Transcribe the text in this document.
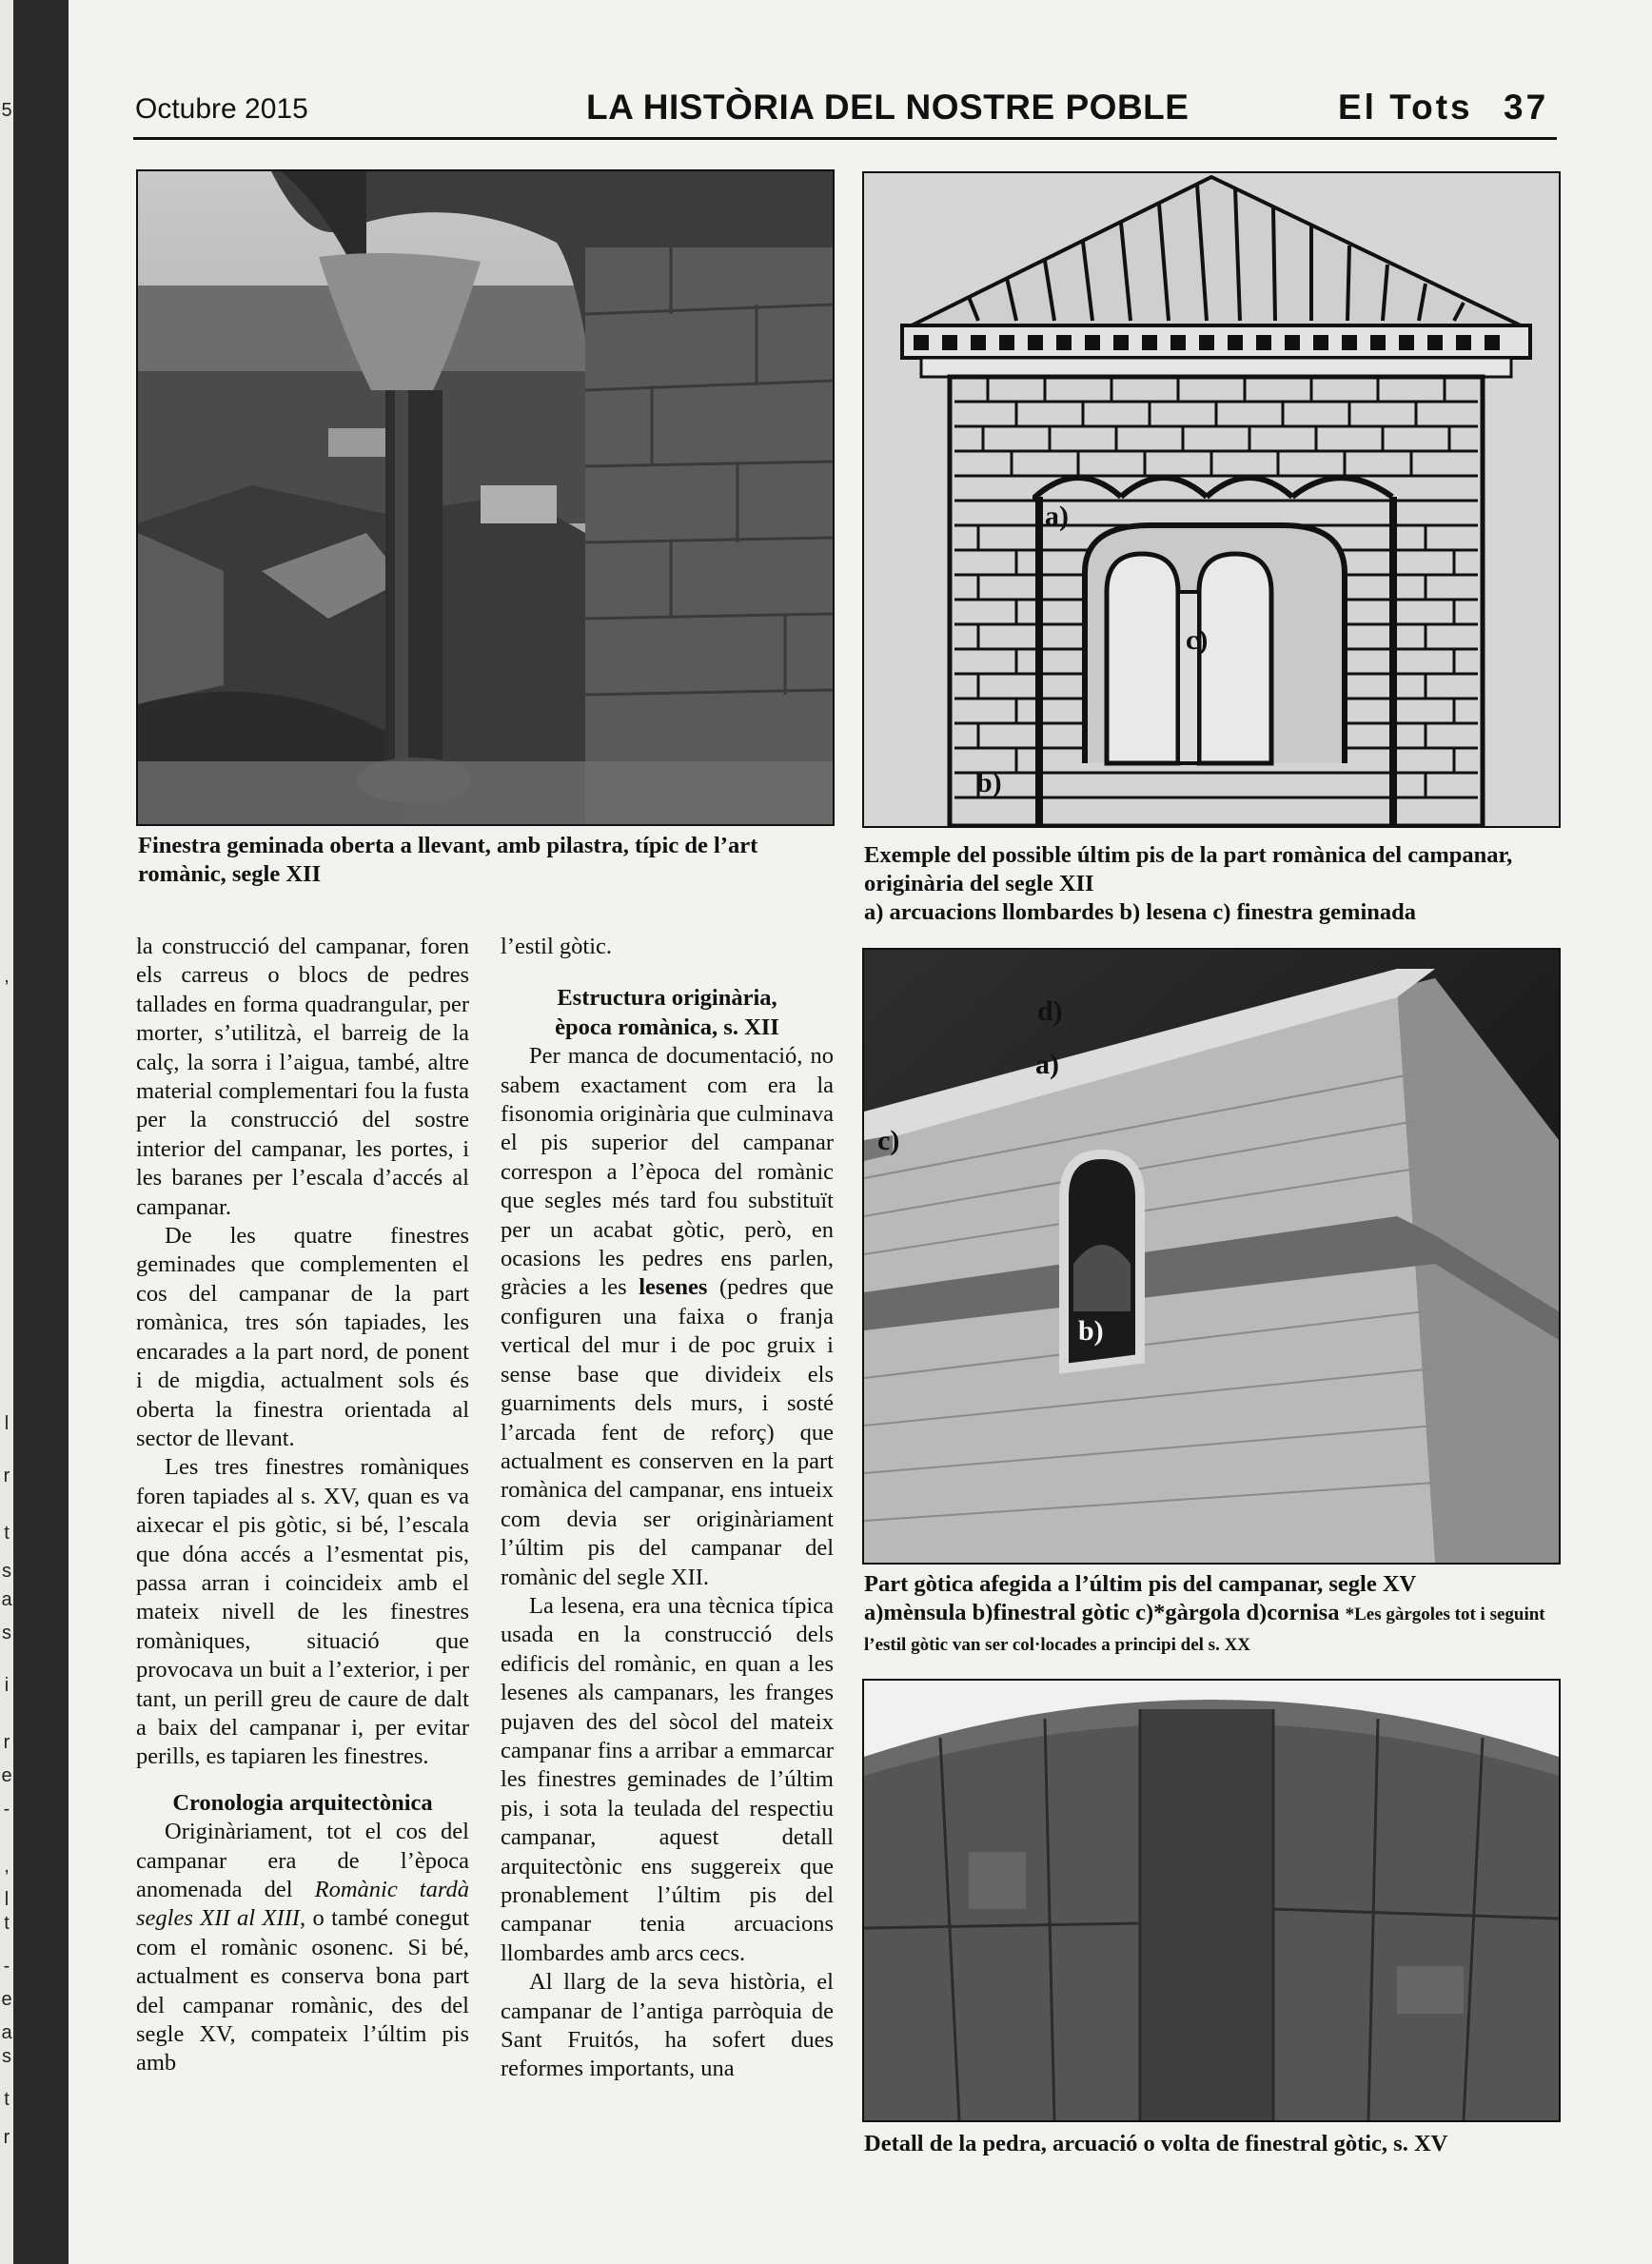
Octubre 2015	LA HISTÒRIA DEL NOSTRE POBLE	El Tots 37
Finestra geminada oberta a llevant, amb pilastra, típic de l’art romànic, segle XII
a)
b)
c)
Exemple del possible últim pis de la part romànica del campanar, originària del segle XII
a) arcuacions llombardes b) lesena c) finestra geminada
a)
b)
c)
d)
Part gòtica afegida a l’últim pis del campanar, segle XV
a)mènsula b)finestral gòtic c)*gàrgola d)cornisa *Les gàrgoles tot i seguint l’estil gòtic van ser col·locades a principi del s. XX
Detall de la pedra, arcuació o volta de finestral gòtic, s. XV

la construcció del campanar, foren els carreus o blocs de pedres tallades en forma quadrangular, per morter, s’utilitzà, el barreig de la calç, la sorra i l’aigua, també, altre material complementari fou la fusta per la construcció del sostre interior del campanar, les portes, i les baranes per l’escala d’accés al campanar.

De les quatre finestres geminades que complementen el cos del campanar de la part romànica, tres són tapiades, les encarades a la part nord, de ponent i de migdia, actualment sols és oberta la finestra orientada al sector de llevant.

Les tres finestres romàniques foren tapiades al s. XV, quan es va aixecar el pis gòtic, si bé, l’escala que dóna accés a l’esmentat pis, passa arran i coincideix amb el mateix nivell de les finestres romàniques, situació que provocava un buit a l’exterior, i per tant, un perill greu de caure de dalt a baix del campanar i, per evitar perills, es tapiaren les finestres.

Cronologia arquitectònica

Originàriament, tot el cos del campanar era de l’època anomenada del Romànic tardà segles XII al XIII, o també conegut com el romànic osonenc. Si bé, actualment es conserva bona part del campanar romànic, des del segle XV, compateix l’últim pis amb

l’estil gòtic.

Estructura originària,
època romànica, s. XII

Per manca de documentació, no sabem exactament com era la fisonomia originària que culminava el pis superior del campanar correspon a l’època del romànic que segles més tard fou substituït per un acabat gòtic, però, en ocasions les pedres ens parlen, gràcies a les lesenes (pedres que configuren una faixa o franja vertical del mur i de poc gruix i sense base que divideix els guarniments dels murs, i sosté l’arcada fent de reforç) que actualment es conserven en la part romànica del campanar, ens intueix com devia ser originàriament l’últim pis del campanar del romànic del segle XII.

La lesena, era una tècnica típica usada en la construcció dels edificis del romànic, en quan a les lesenes als campanars, les franges pujaven des del sòcol del mateix campanar fins a arribar a emmarcar les finestres geminades de l’últim pis, i sota la teulada del respectiu campanar, aquest detall arquitectònic ens suggereix que pronablement l’últim pis del campanar tenia arcuacions llombardes amb arcs cecs.

Al llarg de la seva història, el campanar de l’antiga parròquia de Sant Fruitós, ha sofert dues reformes importants, una

5
,
l
r
t
s
a
s
i
r
e
-
,
l
t
-
e
a
s
t
r
